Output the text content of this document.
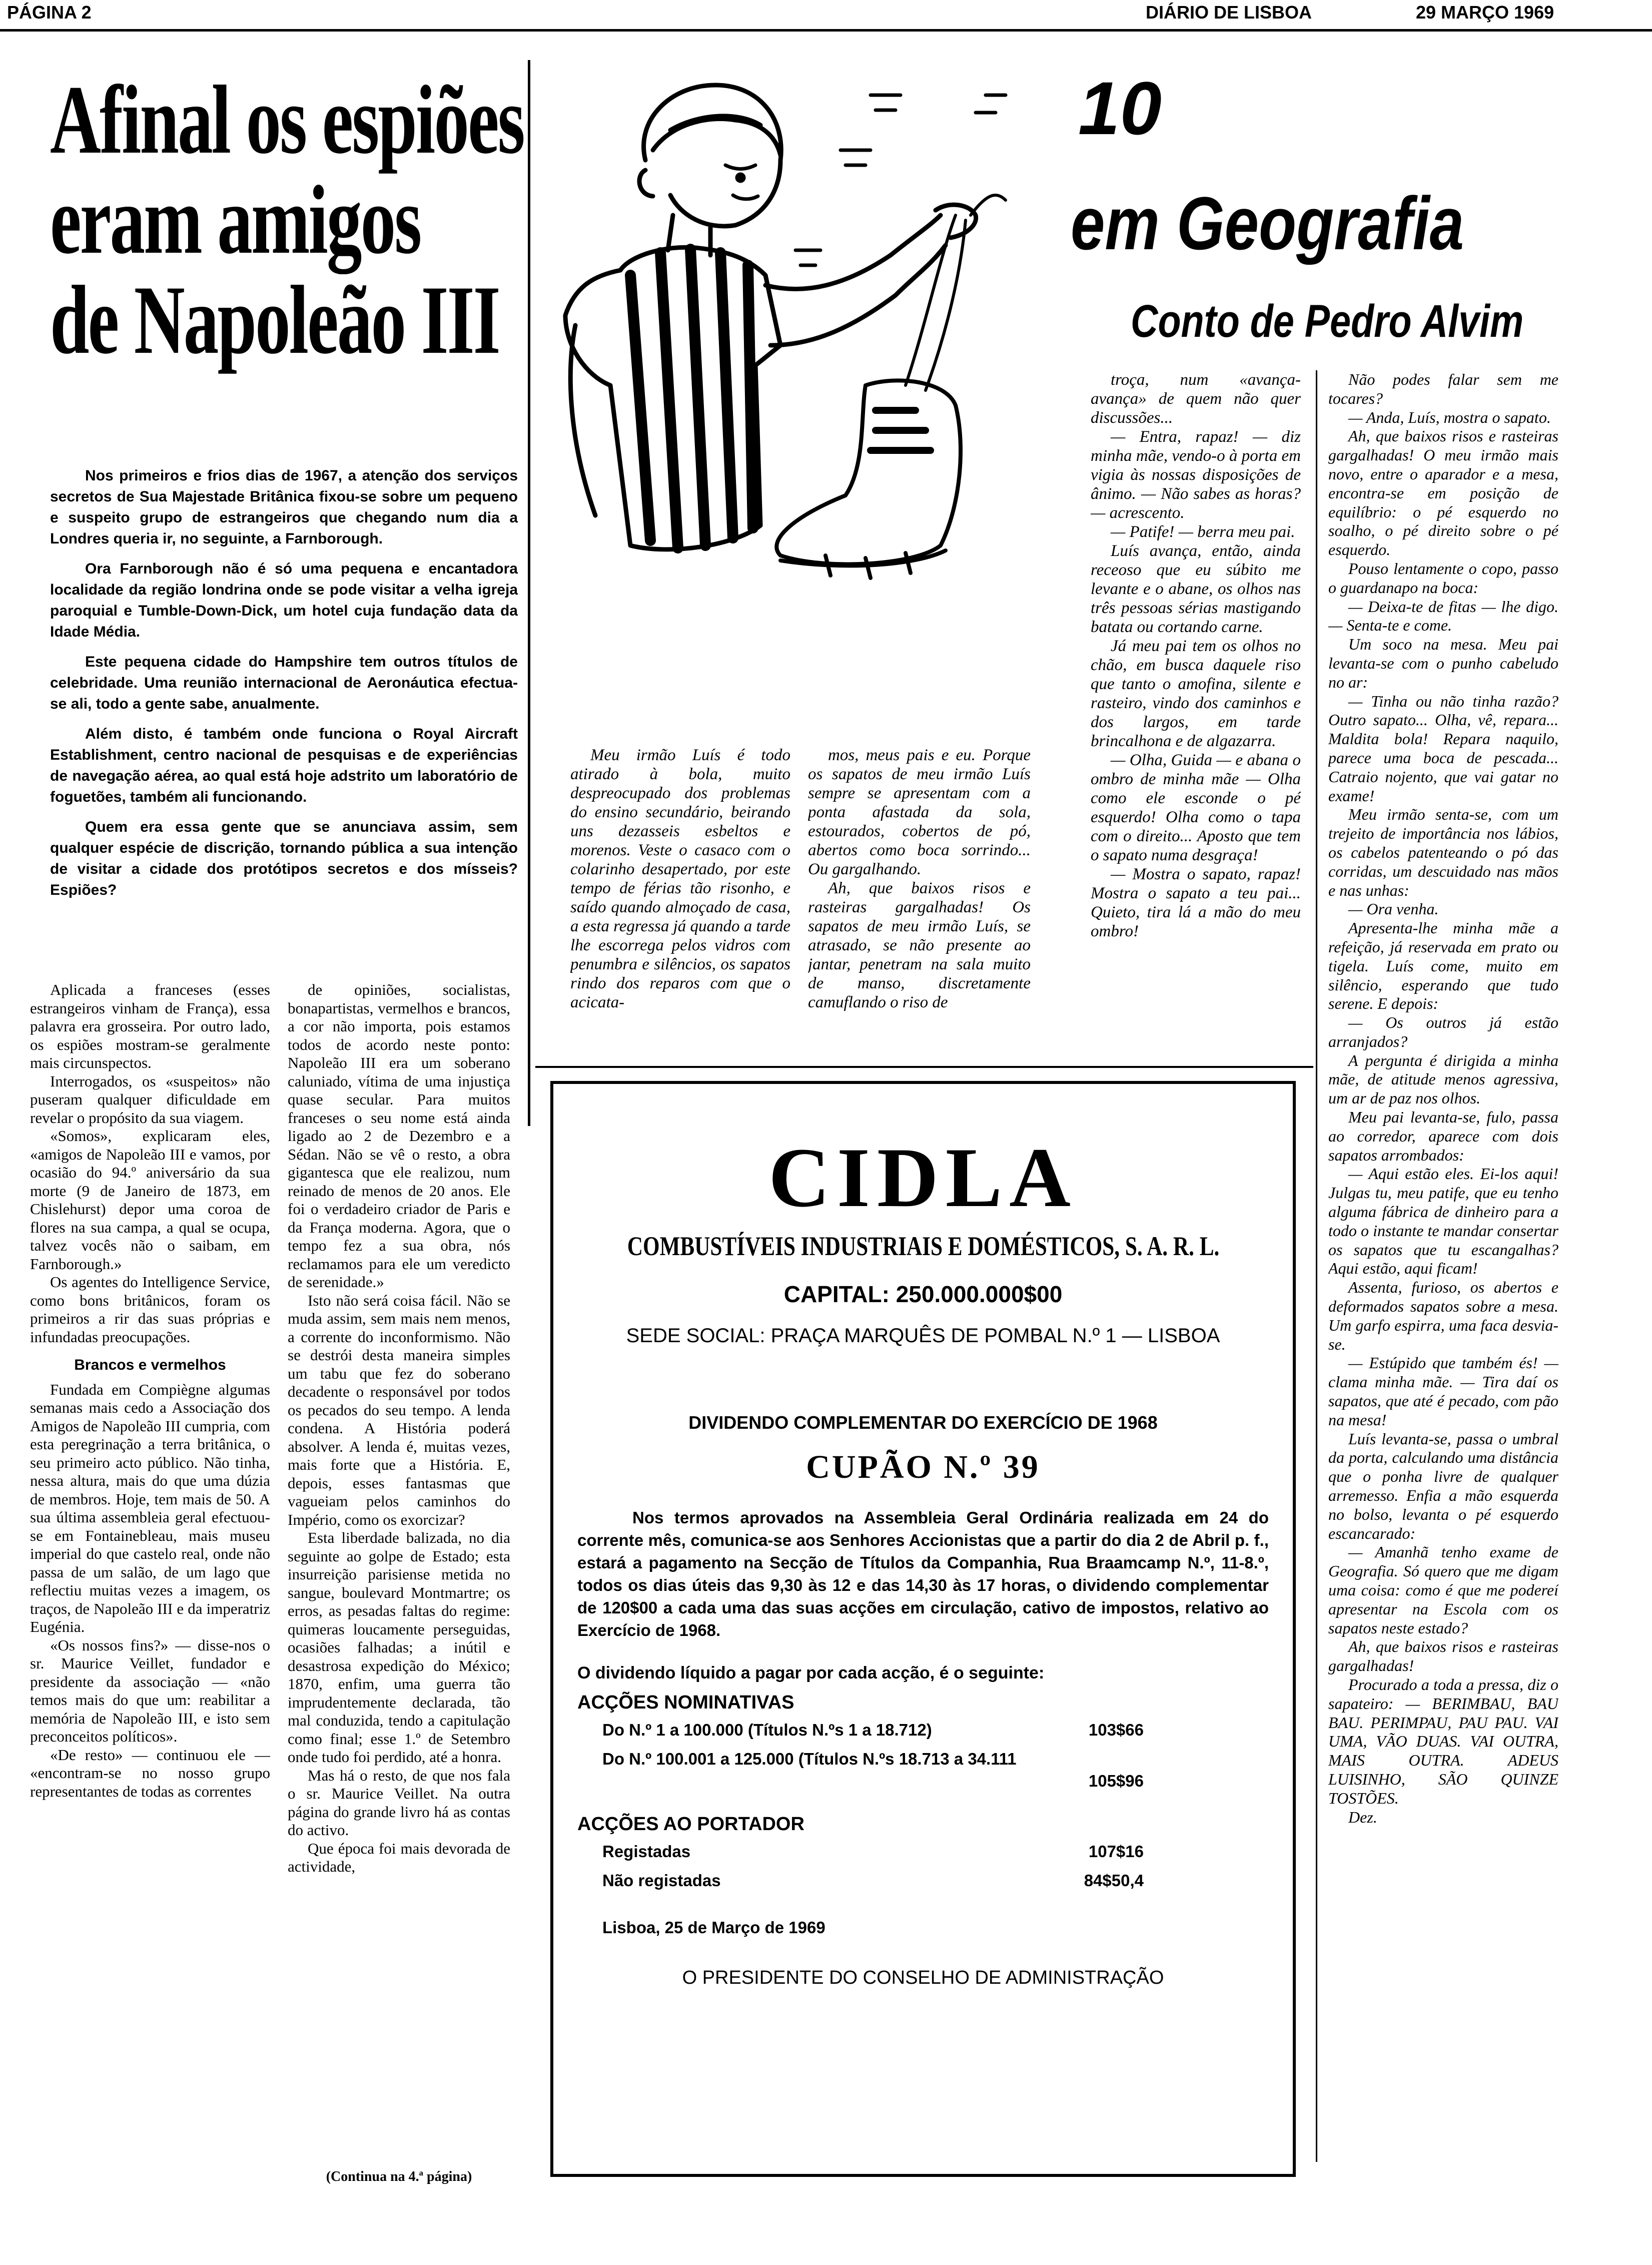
PÁGINA 2	DIÁRIO DE LISBOA	29 MARÇO 1969
Afinal os espiões
eram amigos
de Napoleão III

Nos primeiros e frios dias de 1967, a atenção dos serviços secretos de Sua Majestade Britânica fixou-se sobre um pequeno e suspeito grupo de estrangeiros que chegando num dia a Londres queria ir, no seguinte, a Farnborough.

Ora Farnborough não é só uma pequena e encantadora localidade da região londrina onde se pode visitar a velha igreja paroquial e Tumble-Down-Dick, um hotel cuja fundação data da Idade Média.

Este pequena cidade do Hampshire tem outros títulos de celebridade. Uma reunião internacional de Aeronáutica efectua-se ali, todo a gente sabe, anualmente.

Além disto, é também onde funciona o Royal Aircraft Establishment, centro nacional de pesquisas e de experiências de navegação aérea, ao qual está hoje adstrito um laboratório de foguetões, também ali funcionando.

Quem era essa gente que se anunciava assim, sem qualquer espécie de discrição, tornando pública a sua intenção de visitar a cidade dos protótipos secretos e dos mísseis? Espiões?

Aplicada a franceses (esses estrangeiros vinham de França), essa palavra era grosseira. Por outro lado, os espiões mostram-se geralmente mais circunspectos.

Interrogados, os «suspeitos» não puseram qualquer dificuldade em revelar o propósito da sua viagem.

«Somos», explicaram eles, «amigos de Napoleão III e vamos, por ocasião do 94.º aniversário da sua morte (9 de Janeiro de 1873, em Chislehurst) depor uma coroa de flores na sua campa, a qual se ocupa, talvez vocês não o saibam, em Farnborough.»

Os agentes do Intelligence Service, como bons britânicos, foram os primeiros a rir das suas próprias e infundadas preocupações.

Brancos e vermelhos

Fundada em Compiègne algumas semanas mais cedo a Associação dos Amigos de Napoleão III cumpria, com esta peregrinação a terra britânica, o seu primeiro acto público. Não tinha, nessa altura, mais do que uma dúzia de membros. Hoje, tem mais de 50. A sua última assembleia geral efectuou-se em Fontainebleau, mais museu imperial do que castelo real, onde não passa de um salão, de um lago que reflectiu muitas vezes a imagem, os traços, de Napoleão III e da imperatriz Eugénia.

«Os nossos fins?» — disse-nos o sr. Maurice Veillet, fundador e presidente da associação — «não temos mais do que um: reabilitar a memória de Napoleão III, e isto sem preconceitos políticos».

«De resto» — continuou ele — «encontram-se no nosso grupo representantes de todas as correntes

de opiniões, socialistas, bonapartistas, vermelhos e brancos, a cor não importa, pois estamos todos de acordo neste ponto: Napoleão III era um soberano caluniado, vítima de uma injustiça quase secular. Para muitos franceses o seu nome está ainda ligado ao 2 de Dezembro e a Sédan. Não se vê o resto, a obra gigantesca que ele realizou, num reinado de menos de 20 anos. Ele foi o verdadeiro criador de Paris e da França moderna. Agora, que o tempo fez a sua obra, nós reclamamos para ele um veredicto de serenidade.»

Isto não será coisa fácil. Não se muda assim, sem mais nem menos, a corrente do inconformismo. Não se destrói desta maneira simples um tabu que fez do soberano decadente o responsável por todos os pecados do seu tempo. A lenda condena. A História poderá absolver. A lenda é, muitas vezes, mais forte que a História. E, depois, esses fantasmas que vagueiam pelos caminhos do Império, como os exorcizar?

Esta liberdade balizada, no dia seguinte ao golpe de Estado; esta insurreição parisiense metida no sangue, boulevard Montmartre; os erros, as pesadas faltas do regime: quimeras loucamente perseguidas, ocasiões falhadas; a inútil e desastrosa expedição do México; 1870, enfim, uma guerra tão imprudentemente declarada, tão mal conduzida, tendo a capitulação como final; esse 1.º de Setembro onde tudo foi perdido, até a honra.

Mas há o resto, de que nos fala o sr. Maurice Veillet. Na outra página do grande livro há as contas do activo.

Que época foi mais devorada de actividade,

(Continua na 4.ª página)
10
em Geografia
Conto de Pedro Alvim

Meu irmão Luís é todo atirado à bola, muito despreocupado dos problemas do ensino secundário, beirando uns dezasseis esbeltos e morenos. Veste o casaco com o colarinho desapertado, por este tempo de férias tão risonho, e saído quando almoçado de casa, a esta regressa já quando a tarde lhe escorrega pelos vidros com penumbra e silêncios, os sapatos rindo dos reparos com que o acicata-

mos, meus pais e eu. Porque os sapatos de meu irmão Luís sempre se apresentam com a ponta afastada da sola, estourados, cobertos de pó, abertos como boca sorrindo... Ou gargalhando.

Ah, que baixos risos e rasteiras gargalhadas! Os sapatos de meu irmão Luís, se atrasado, se não presente ao jantar, penetram na sala muito de manso, discretamente camuflando o riso de

troça, num «avança-avança» de quem não quer discussões...

— Entra, rapaz! — diz minha mãe, vendo-o à porta em vigia às nossas disposições de ânimo. — Não sabes as horas? — acrescento.

— Patife! — berra meu pai.

Luís avança, então, ainda receoso que eu súbito me levante e o abane, os olhos nas três pessoas sérias mastigando batata ou cortando carne.

Já meu pai tem os olhos no chão, em busca daquele riso que tanto o amofina, silente e rasteiro, vindo dos caminhos e dos largos, em tarde brincalhona e de algazarra.

— Olha, Guida — e abana o ombro de minha mãe — Olha como ele esconde o pé esquerdo! Olha como o tapa com o direito... Aposto que tem o sapato numa desgraça!

— Mostra o sapato, rapaz! Mostra o sapato a teu pai... Quieto, tira lá a mão do meu ombro!

Não podes falar sem me tocares?

— Anda, Luís, mostra o sapato.

Ah, que baixos risos e rasteiras gargalhadas! O meu irmão mais novo, entre o aparador e a mesa, encontra-se em posição de equilíbrio: o pé esquerdo no soalho, o pé direito sobre o pé esquerdo.

Pouso lentamente o copo, passo o guardanapo na boca:

— Deixa-te de fitas — lhe digo. — Senta-te e come.

Um soco na mesa. Meu pai levanta-se com o punho cabeludo no ar:

— Tinha ou não tinha razão? Outro sapato... Olha, vê, repara... Maldita bola! Repara naquilo, parece uma boca de pescada... Catraio nojento, que vai gatar no exame!

Meu irmão senta-se, com um trejeito de importância nos lábios, os cabelos patenteando o pó das corridas, um descuidado nas mãos e nas unhas:

— Ora venha.

Apresenta-lhe minha mãe a refeição, já reservada em prato ou tigela. Luís come, muito em silêncio, esperando que tudo serene. E depois:

— Os outros já estão arranjados?

A pergunta é dirigida a minha mãe, de atitude menos agressiva, um ar de paz nos olhos.

Meu pai levanta-se, fulo, passa ao corredor, aparece com dois sapatos arrombados:

— Aqui estão eles. Ei-los aqui! Julgas tu, meu patife, que eu tenho alguma fábrica de dinheiro para a todo o instante te mandar consertar os sapatos que tu escangalhas? Aqui estão, aqui ficam!

Assenta, furioso, os abertos e deformados sapatos sobre a mesa. Um garfo espirra, uma faca desvia-se.

— Estúpido que também és! — clama minha mãe. — Tira daí os sapatos, que até é pecado, com pão na mesa!

Luís levanta-se, passa o umbral da porta, calculando uma distância que o ponha livre de qualquer arremesso. Enfia a mão esquerda no bolso, levanta o pé esquerdo escancarado:

— Amanhã tenho exame de Geografia. Só quero que me digam uma coisa: como é que me podereí apresentar na Escola com os sapatos neste estado?

Ah, que baixos risos e rasteiras gargalhadas!

Procurado a toda a pressa, diz o sapateiro: — BERIMBAU, BAU BAU. PERIMPAU, PAU PAU. VAI UMA, VÃO DUAS. VAI OUTRA, MAIS OUTRA. ADEUS LUISINHO, SÃO QUINZE TOSTÕES.

Dez.

CIDLA
COMBUSTÍVEIS INDUSTRIAIS E DOMÉSTICOS, S. A. R. L.
CAPITAL: 250.000.000$00
SEDE SOCIAL: PRAÇA MARQUÊS DE POMBAL N.º 1 — LISBOA
DIVIDENDO COMPLEMENTAR DO EXERCÍCIO DE 1968
CUPÃO N.º 39
Nos termos aprovados na Assembleia Geral Ordinária realizada em 24 do corrente mês, comunica-se aos Senhores Accionistas que a partir do dia 2 de Abril p. f., estará a pagamento na Secção de Títulos da Companhia, Rua Braamcamp N.º, 11-8.º, todos os dias úteis das 9,30 às 12 e das 14,30 às 17 horas, o dividendo complementar de 120$00 a cada uma das suas acções em circulação, cativo de impostos, relativo ao Exercício de 1968.
O dividendo líquido a pagar por cada acção, é o seguinte:
ACÇÕES NOMINATIVAS
Do N.º 1 a 100.000 (Títulos N.ºs 1 a 18.712)	103$66
Do N.º 100.001 a 125.000 (Títulos N.ºs 18.713 a 34.111
105$96
ACÇÕES AO PORTADOR
Registadas	107$16
Não registadas	84$50,4
Lisboa, 25 de Março de 1969
O PRESIDENTE DO CONSELHO DE ADMINISTRAÇÃO
